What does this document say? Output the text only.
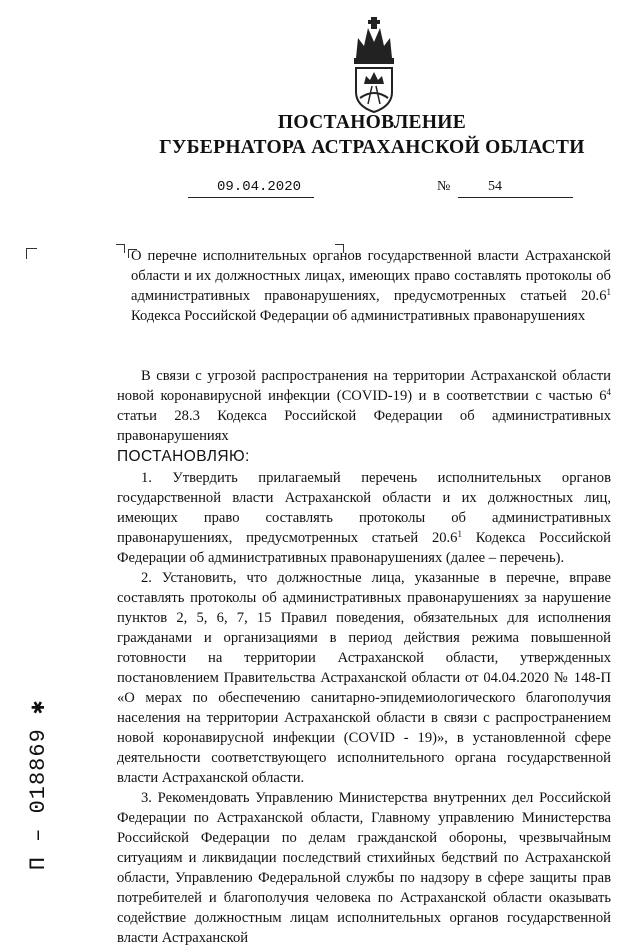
ПОСТАНОВЛЕНИЕ
ГУБЕРНАТОРА АСТРАХАНСКОЙ ОБЛАСТИ
09.04.2020	№	54
О перечне исполнительных органов государственной власти Астраханской области и их должностных лицах, имеющих право составлять протоколы об административных правонарушениях, предусмотренных статьей 20.6$^1$ Кодекса Российской Федерации об административных правонарушениях
В связи с угрозой распространения на территории Астраханской области новой коронавирусной инфекции (COVID-19) и в соответствии с частью $6^4$ статьи 28.3 Кодекса Российской Федерации об административных правонарушениях
ПОСТАНОВЛЯЮ:
1. Утвердить прилагаемый перечень исполнительных органов государственной власти Астраханской области и их должностных лиц, имеющих право составлять протоколы об административных правонарушениях, предусмотренных статьей 20.6$^1$ Кодекса Российской Федерации об административных правонарушениях (далее – перечень).
2. Установить, что должностные лица, указанные в перечне, вправе составлять протоколы об административных правонарушениях за нарушение пунктов 2, 5, 6, 7, 15 Правил поведения, обязательных для исполнения гражданами и организациями в период действия режима повышенной готовности на территории Астраханской области, утвержденных постановлением Правительства Астраханской области от 04.04.2020 № 148-П «О мерах по обеспечению санитарно-эпидемиологического благополучия населения на территории Астраханской области в связи с распространением новой коронавирусной инфекции (COVID - 19)», в установленной сфере деятельности соответствующего исполнительного органа государственной власти Астраханской области.
3. Рекомендовать Управлению Министерства внутренних дел Российской Федерации по Астраханской области, Главному управлению Министерства Российской Федерации по делам гражданской обороны, чрезвычайным ситуациям и ликвидации последствий стихийных бедствий по Астраханской области, Управлению Федеральной службы по надзору в сфере защиты прав потребителей и благополучия человека по Астраханской области оказывать содействие должностным лицам исполнительных органов государственной власти Астраханской
П – 018869 ✱
